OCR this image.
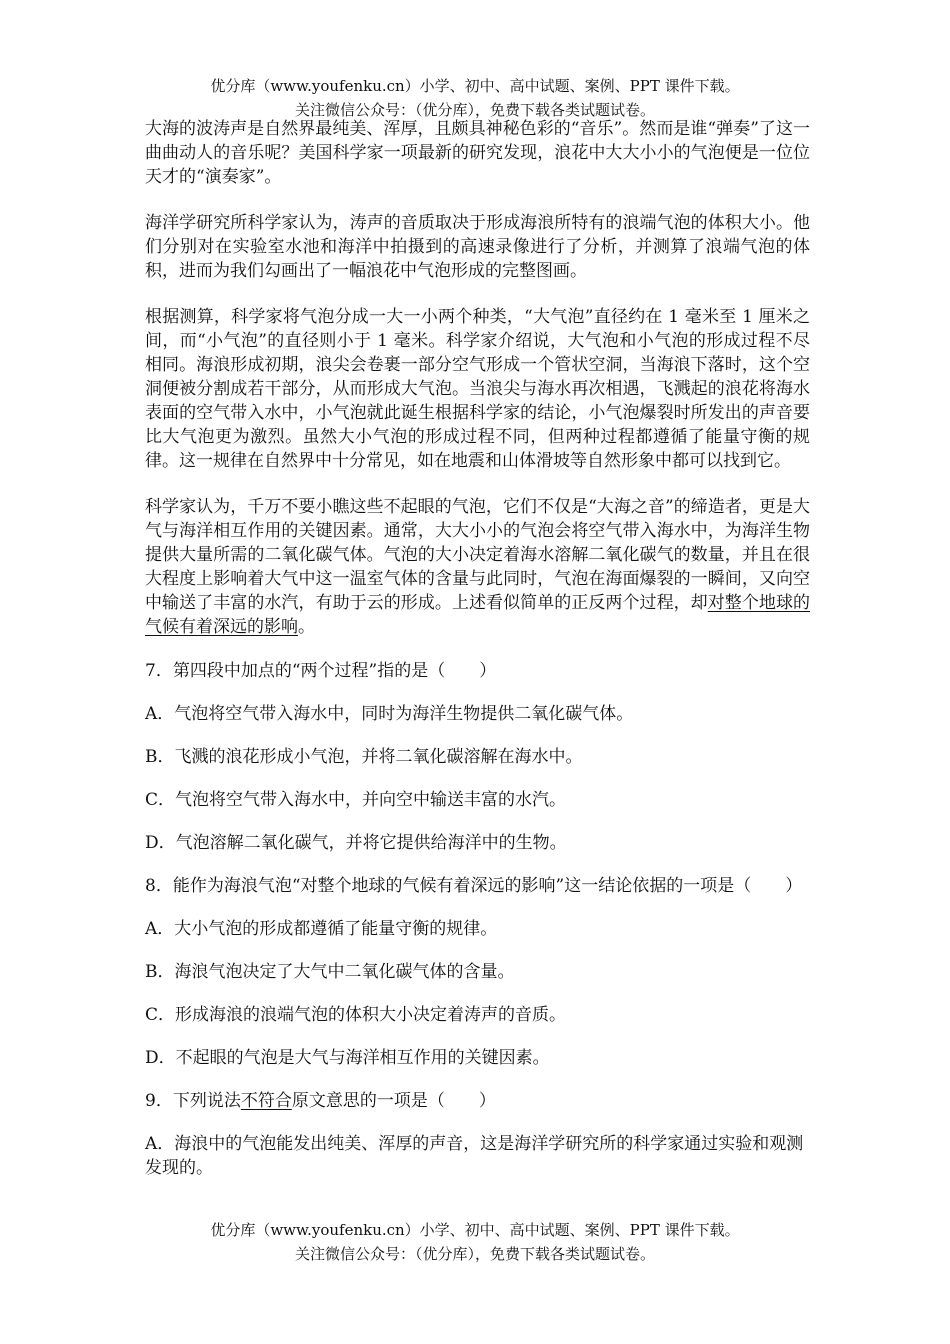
优分库（www.youfenku.cn）小学、初中、高中试题、案例、PPT 课件下载。
关注微信公众号：（优分库），免费下载各类试题试卷。

大海的波涛声是自然界最纯美、浑厚，且颇具神秘色彩的“音乐”。然而是谁“弹奏”了这一曲曲动人的音乐呢？美国科学家一项最新的研究发现，浪花中大大小小的气泡便是一位位天才的“演奏家”。

海洋学研究所科学家认为，涛声的音质取决于形成海浪所特有的浪端气泡的体积大小。他们分别对在实验室水池和海洋中拍摄到的高速录像进行了分析，并测算了浪端气泡的体积，进而为我们勾画出了一幅浪花中气泡形成的完整图画。

根据测算，科学家将气泡分成一大一小两个种类，“大气泡”直径约在 1 毫米至 1 厘米之间，而“小气泡”的直径则小于 1 毫米。科学家介绍说，大气泡和小气泡的形成过程不尽相同。海浪形成初期，浪尖会卷裹一部分空气形成一个管状空洞，当海浪下落时，这个空洞便被分割成若干部分，从而形成大气泡。当浪尖与海水再次相遇，飞溅起的浪花将海水表面的空气带入水中，小气泡就此诞生根据科学家的结论，小气泡爆裂时所发出的声音要比大气泡更为激烈。虽然大小气泡的形成过程不同，但两种过程都遵循了能量守衡的规律。这一规律在自然界中十分常见，如在地震和山体滑坡等自然形象中都可以找到它。

科学家认为，千万不要小瞧这些不起眼的气泡，它们不仅是“大海之音”的缔造者，更是大气与海洋相互作用的关键因素。通常，大大小小的气泡会将空气带入海水中，为海洋生物提供大量所需的二氧化碳气体。气泡的大小决定着海水溶解二氧化碳气的数量，并且在很大程度上影响着大气中这一温室气体的含量与此同时，气泡在海面爆裂的一瞬间，又向空中输送了丰富的水汽，有助于云的形成。上述看似简单的正反两个过程，却对整个地球的气候有着深远的影响。

7．第四段中加点的“两个过程”指的是（　　）

A．气泡将空气带入海水中，同时为海洋生物提供二氧化碳气体。

B．飞溅的浪花形成小气泡，并将二氧化碳溶解在海水中。

C．气泡将空气带入海水中，并向空中输送丰富的水汽。

D．气泡溶解二氧化碳气，并将它提供给海洋中的生物。

8．能作为海浪气泡“对整个地球的气候有着深远的影响”这一结论依据的一项是（　　）

A．大小气泡的形成都遵循了能量守衡的规律。

B．海浪气泡决定了大气中二氧化碳气体的含量。

C．形成海浪的浪端气泡的体积大小决定着涛声的音质。

D．不起眼的气泡是大气与海洋相互作用的关键因素。

9．下列说法不符合原文意思的一项是（　　）

A．海浪中的气泡能发出纯美、浑厚的声音，这是海洋学研究所的科学家通过实验和观测发现的。

优分库（www.youfenku.cn）小学、初中、高中试题、案例、PPT 课件下载。
关注微信公众号：（优分库），免费下载各类试题试卷。
